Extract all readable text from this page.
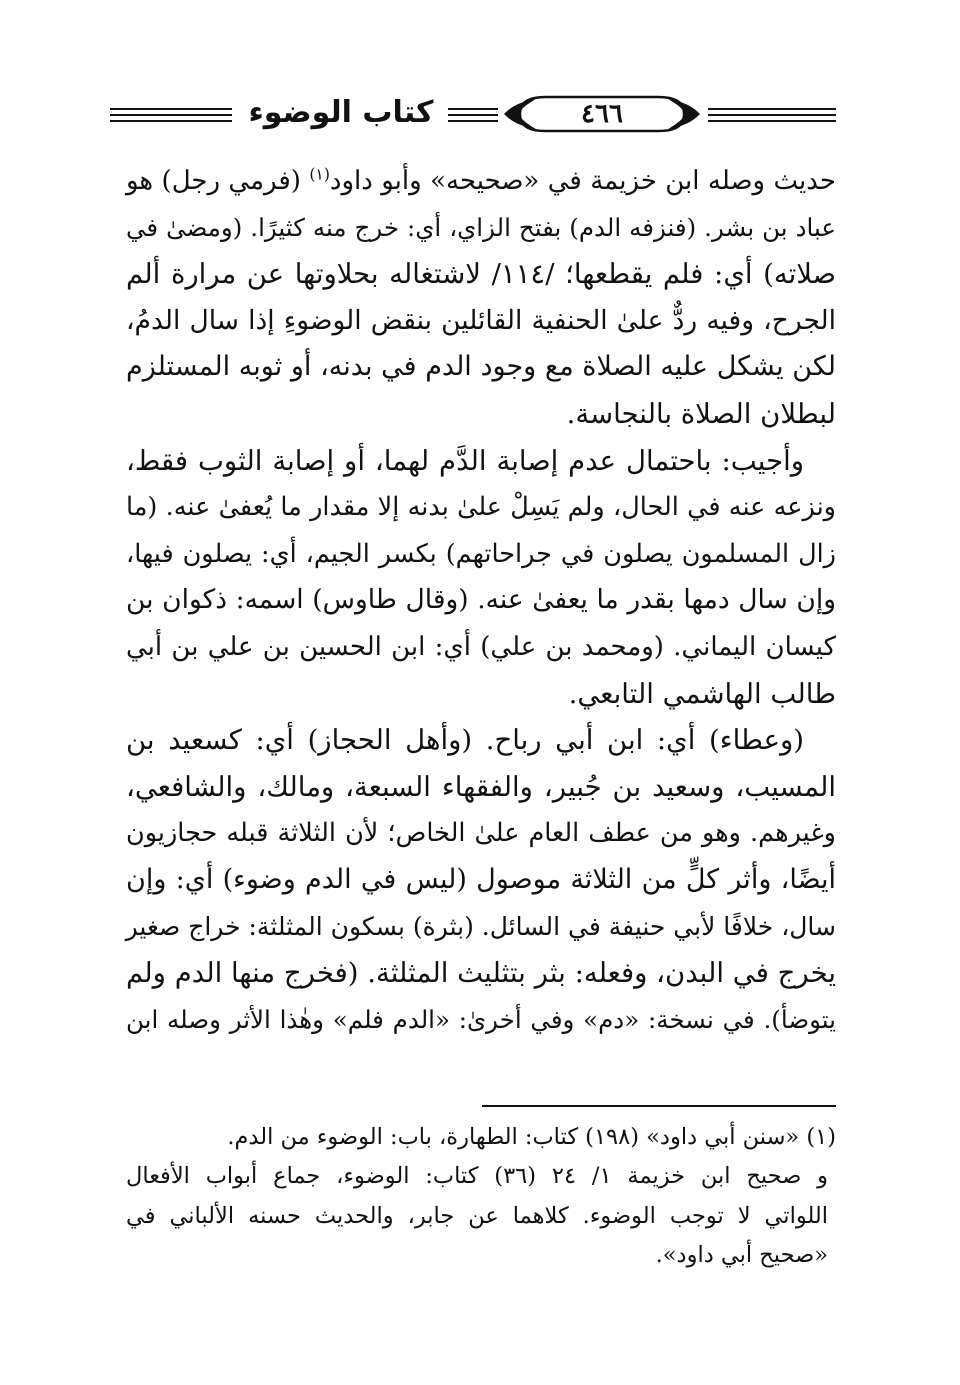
كتاب الوضوء	٤٦٦
حديث وصله ابن خزيمة في «صحيحه» وأبو داود$^{(١)}$ (فرمي رجل) هو
عباد بن بشر. (فنزفه الدم) بفتح الزاي، أي: خرج منه كثيرًا. (ومضىٰ في
صلاته) أي: فلم يقطعها؛ /١١٤/ لاشتغاله بحلاوتها عن مرارة ألم
الجرح، وفيه ردٌّ علىٰ الحنفية القائلين بنقض الوضوءِ إذا سال الدمُ،
لكن يشكل عليه الصلاة مع وجود الدم في بدنه، أو ثوبه المستلزم
لبطلان الصلاة بالنجاسة.
وأجيب: باحتمال عدم إصابة الدَّم لهما، أو إصابة الثوب فقط،
ونزعه عنه في الحال، ولم يَسِلْ علىٰ بدنه إلا مقدار ما يُعفىٰ عنه. (ما
زال المسلمون يصلون في جراحاتهم) بكسر الجيم، أي: يصلون فيها،
وإن سال دمها بقدر ما يعفىٰ عنه. (وقال طاوس) اسمه: ذكوان بن
كيسان اليماني. (ومحمد بن علي) أي: ابن الحسين بن علي بن أبي
طالب الهاشمي التابعي.
(وعطاء) أي: ابن أبي رباح. (وأهل الحجاز) أي: كسعيد بن
المسيب، وسعيد بن جُبير، والفقهاء السبعة، ومالك، والشافعي،
وغيرهم. وهو من عطف العام علىٰ الخاص؛ لأن الثلاثة قبله حجازيون
أيضًا، وأثر كلٍّ من الثلاثة موصول (ليس في الدم وضوء) أي: وإن
سال، خلافًا لأبي حنيفة في السائل. (بثرة) بسكون المثلثة: خراج صغير
يخرج في البدن، وفعله: بثر بتثليث المثلثة. (فخرج منها الدم ولم
يتوضأ). في نسخة: «دم» وفي أخرىٰ: «الدم فلم» وهٰذا الأثر وصله ابن
(١) «سنن أبي داود» (١٩٨) كتاب: الطهارة، باب: الوضوء من الدم.
و صحيح ابن خزيمة ١/ ٢٤ (٣٦) كتاب: الوضوء، جماع أبواب الأفعال
اللواتي لا توجب الوضوء. كلاهما عن جابر، والحديث حسنه الألباني في
«صحيح أبي داود».
